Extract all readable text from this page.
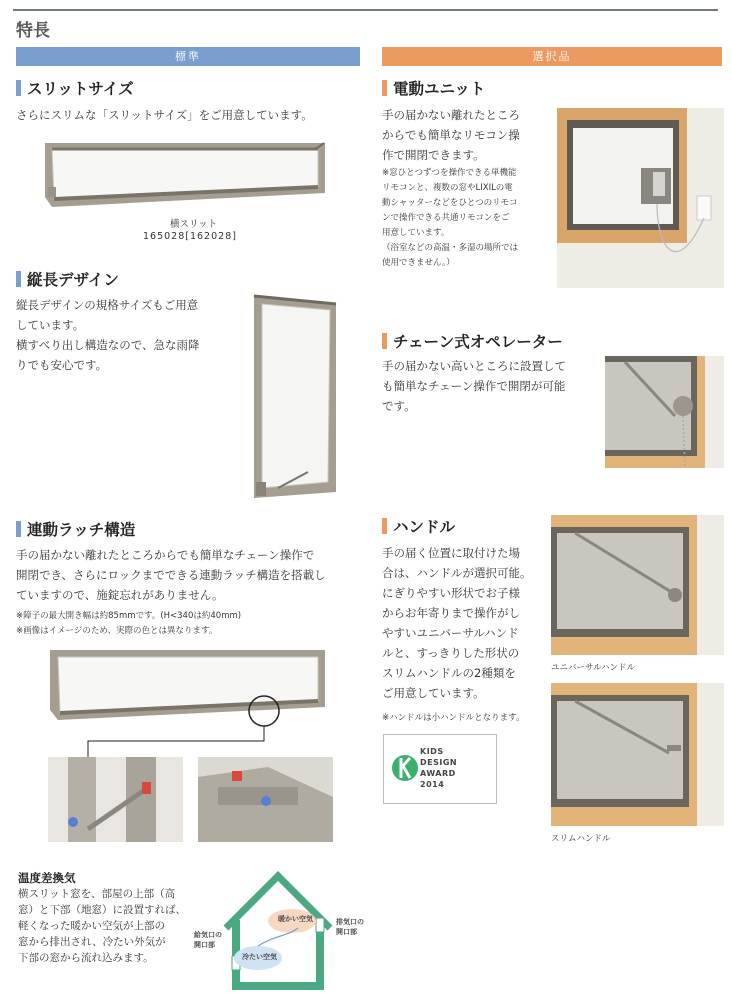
特長
標準	選択品
スリットサイズ
さらにスリムな「スリットサイズ」をご用意しています。
横スリット
165028[162028]
縦長デザイン
縦長デザインの規格サイズもご用意
しています。
横すべり出し構造なので、急な雨降
りでも安心です。
連動ラッチ構造
手の届かない離れたところからでも簡単なチェーン操作で
開閉でき、さらにロックまでできる連動ラッチ構造を搭載し
ていますので、施錠忘れがありません。
※障子の最大開き幅は約85mmです。(H<340は約40mm)
※画像はイメージのため、実際の色とは異なります。
温度差換気
横スリット窓を、部屋の上部（高
窓）と下部（地窓）に設置すれば、
軽くなった暖かい空気が上部の
窓から排出され、冷たい外気が
下部の窓から流れ込みます。
暖かい空気
冷たい空気
排気口の
開口部
給気口の
開口部
電動ユニット
手の届かない離れたところ
からでも簡単なリモコン操
作で開閉できます。
※窓ひとつずつを操作できる単機能
リモコンと、複数の窓やLIXILの電
動シャッターなどをひとつのリモコ
ンで操作できる共通リモコンをご
用意しています。
（浴室などの高温・多湿の場所では
使用できません。）
チェーン式オペレーター
手の届かない高いところに設置して
も簡単なチェーン操作で開閉が可能
です。
ハンドル
手の届く位置に取付けた場
合は、ハンドルが選択可能。
にぎりやすい形状でお子様
からお年寄りまで操作がし
やすいユニバーサルハンド
ルと、すっきりした形状の
スリムハンドルの2種類を
ご用意しています。
※ハンドルは小ハンドルとなります。
ユニバーサルハンドル
スリムハンドル
KIDS
DESIGN
AWARD
2014
